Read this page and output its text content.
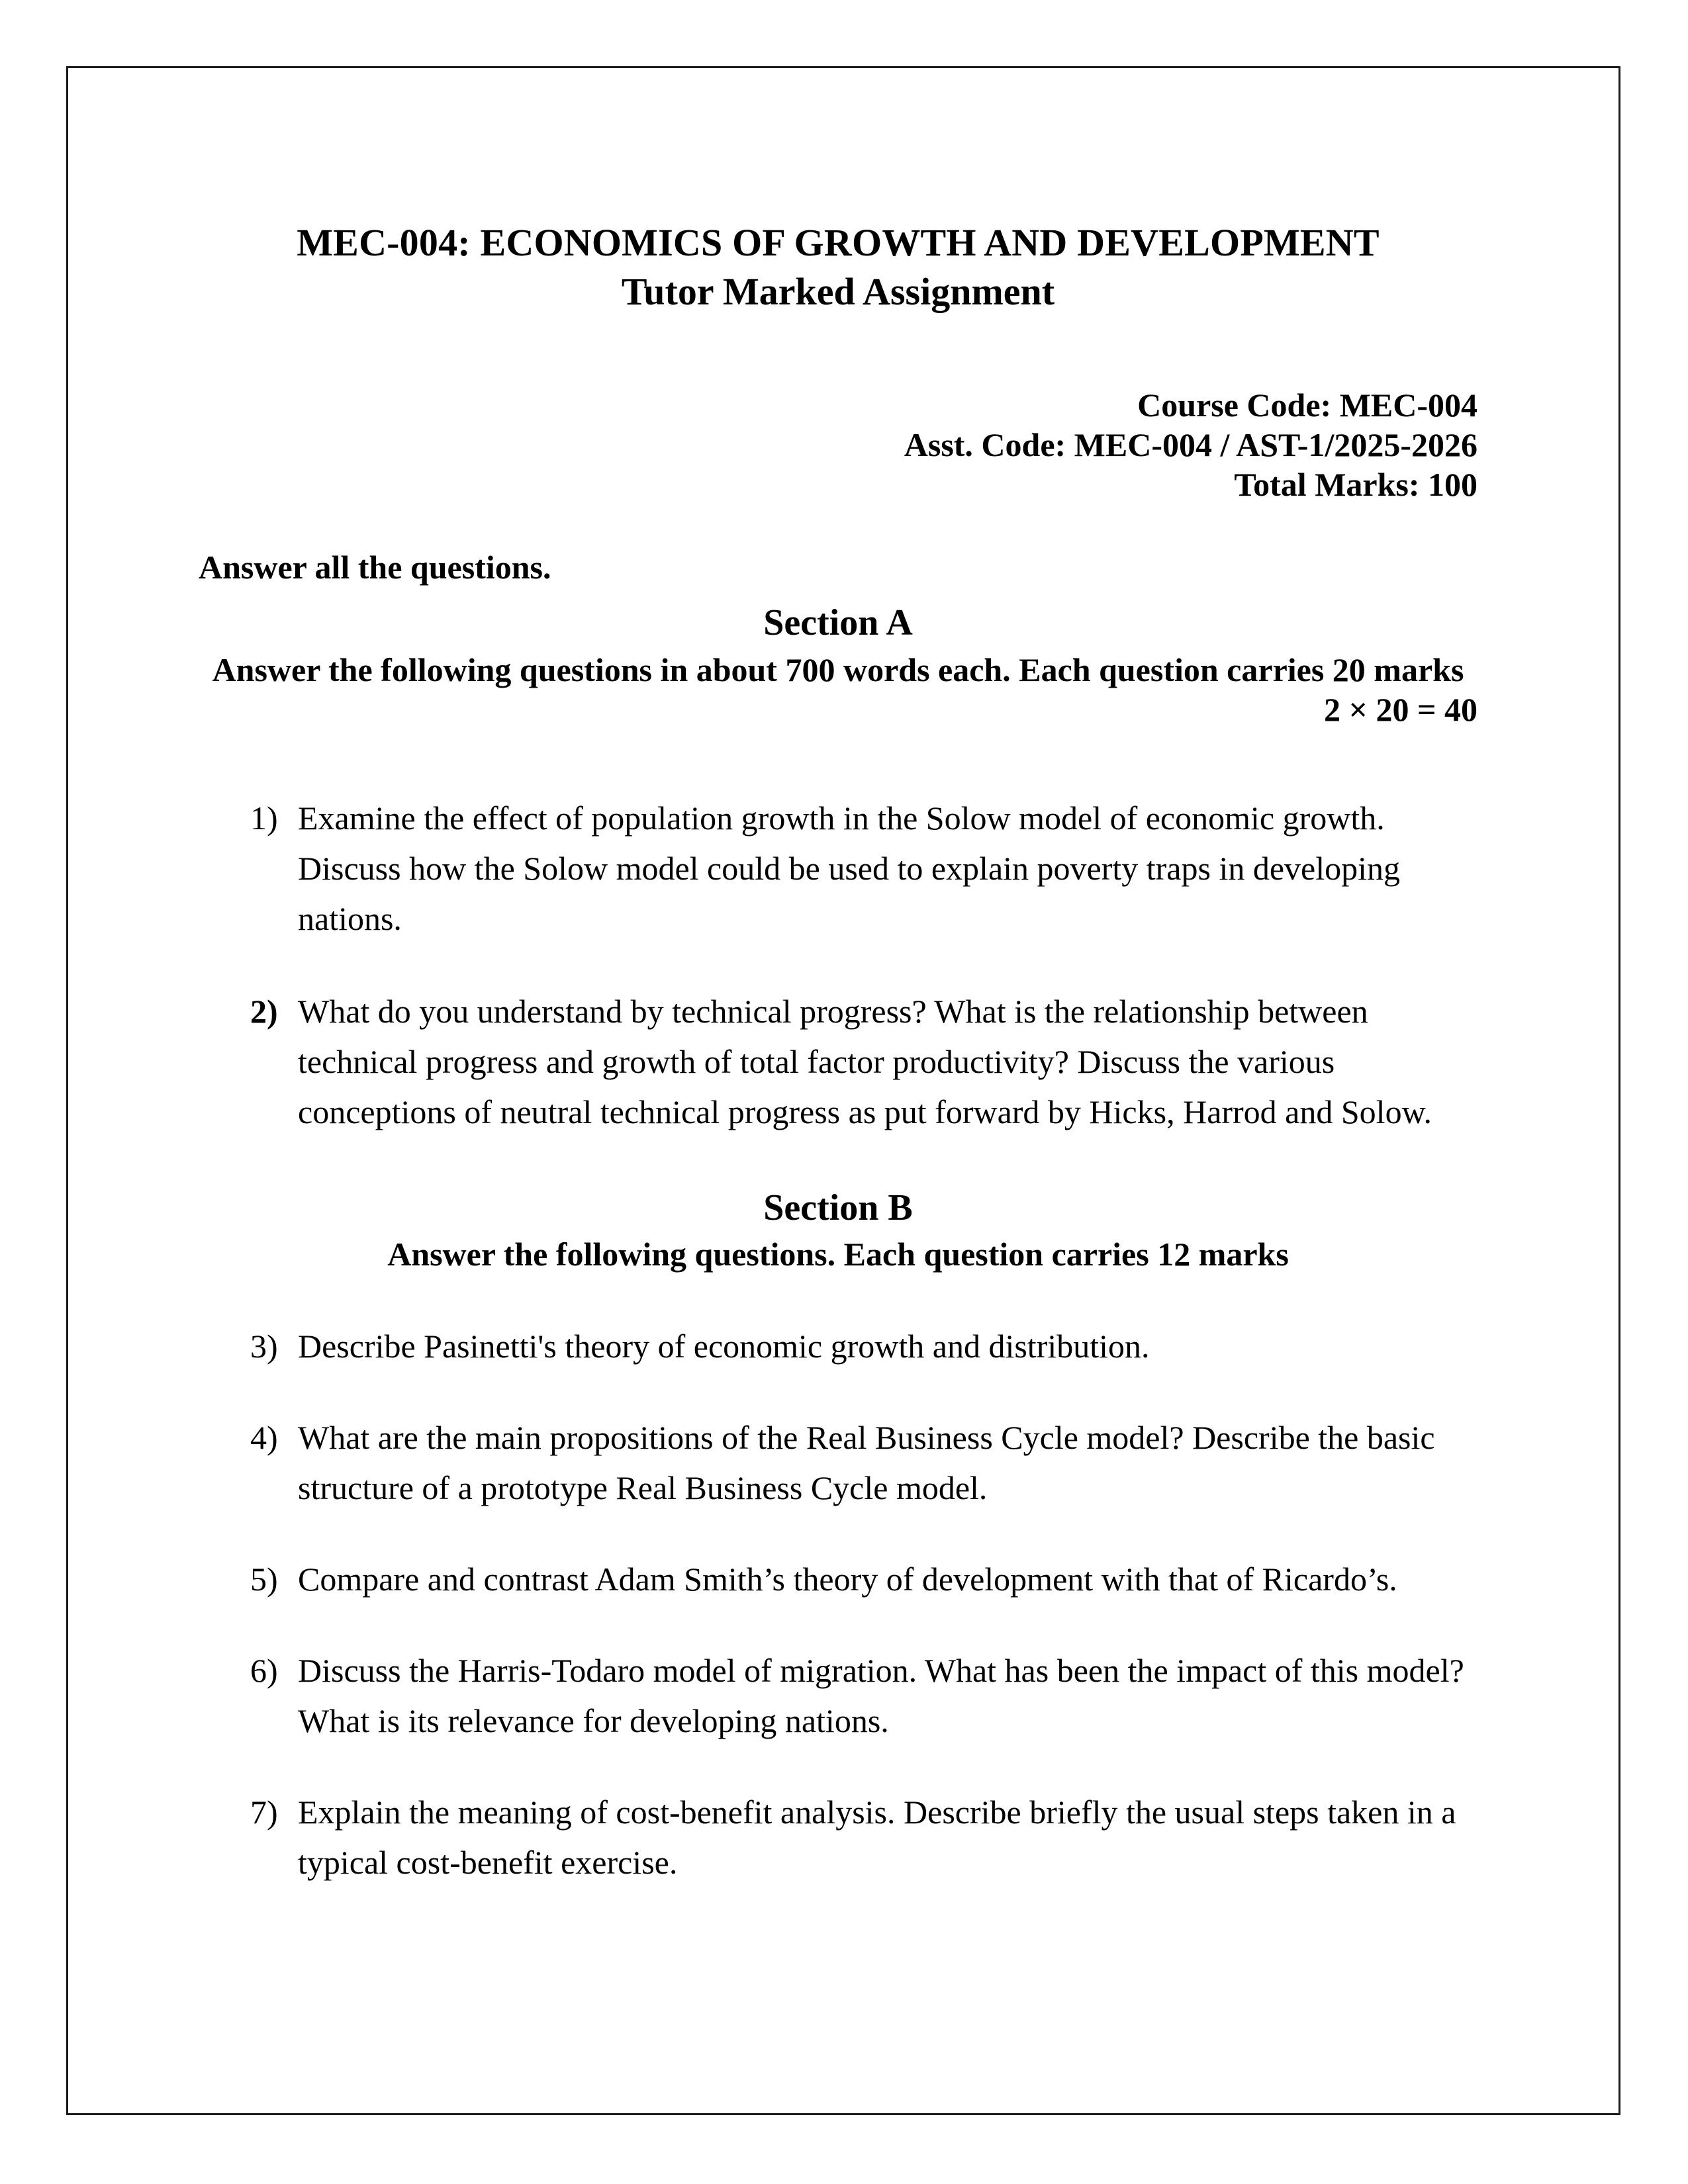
MEC-004: ECONOMICS OF GROWTH AND DEVELOPMENT
Tutor Marked Assignment
Course Code: MEC-004
Asst. Code: MEC-004 / AST-1/2025-2026
Total Marks: 100
Answer all the questions.
Section A
Answer the following questions in about 700 words each. Each question carries 20 marks
2 × 20 = 40
1) Examine the effect of population growth in the Solow model of economic growth. Discuss how the Solow model could be used to explain poverty traps in developing nations.
2) What do you understand by technical progress? What is the relationship between technical progress and growth of total factor productivity? Discuss the various conceptions of neutral technical progress as put forward by Hicks, Harrod and Solow.
Section B
Answer the following questions. Each question carries 12 marks
3) Describe Pasinetti's theory of economic growth and distribution.
4) What are the main propositions of the Real Business Cycle model? Describe the basic structure of a prototype Real Business Cycle model.
5) Compare and contrast Adam Smith’s theory of development with that of Ricardo’s.
6) Discuss the Harris-Todaro model of migration. What has been the impact of this model? What is its relevance for developing nations.
7) Explain the meaning of cost-benefit analysis. Describe briefly the usual steps taken in a typical cost-benefit exercise.
